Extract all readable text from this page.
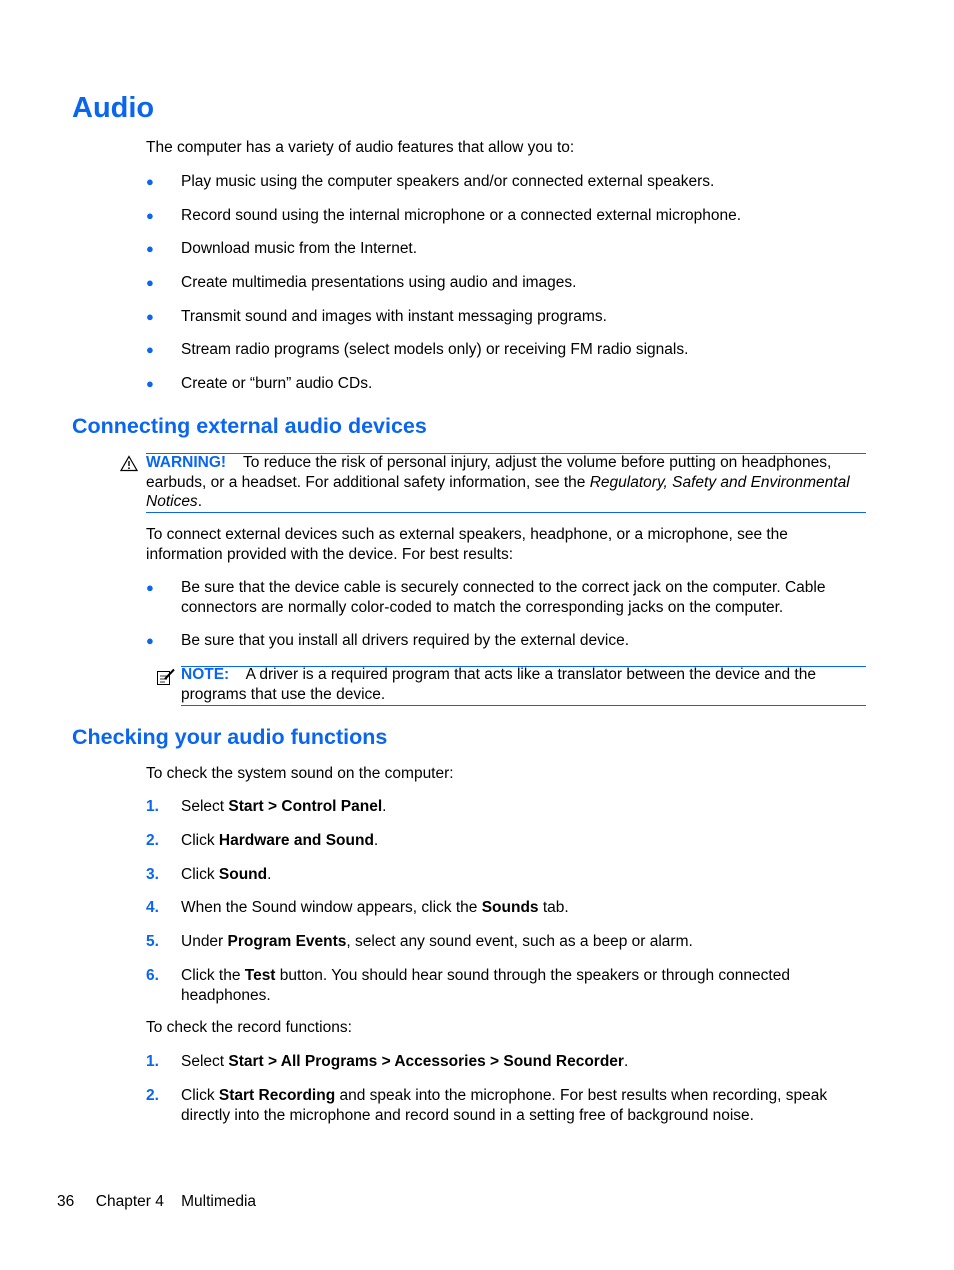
Audio
The computer has a variety of audio features that allow you to:
● Play music using the computer speakers and/or connected external speakers.
● Record sound using the internal microphone or a connected external microphone.
● Download music from the Internet.
● Create multimedia presentations using audio and images.
● Transmit sound and images with instant messaging programs.
● Stream radio programs (select models only) or receiving FM radio signals.
● Create or “burn” audio CDs.
Connecting external audio devices
WARNING! To reduce the risk of personal injury, adjust the volume before putting on headphones, earbuds, or a headset. For additional safety information, see the Regulatory, Safety and Environmental Notices.
To connect external devices such as external speakers, headphone, or a microphone, see the information provided with the device. For best results:
● Be sure that the device cable is securely connected to the correct jack on the computer. Cable connectors are normally color-coded to match the corresponding jacks on the computer.
● Be sure that you install all drivers required by the external device.
NOTE: A driver is a required program that acts like a translator between the device and the programs that use the device.
Checking your audio functions
To check the system sound on the computer:
1. Select Start > Control Panel.
2. Click Hardware and Sound.
3. Click Sound.
4. When the Sound window appears, click the Sounds tab.
5. Under Program Events, select any sound event, such as a beep or alarm.
6. Click the Test button. You should hear sound through the speakers or through connected headphones.
To check the record functions:
1. Select Start > All Programs > Accessories > Sound Recorder.
2. Click Start Recording and speak into the microphone. For best results when recording, speak directly into the microphone and record sound in a setting free of background noise.
36 Chapter 4 Multimedia
